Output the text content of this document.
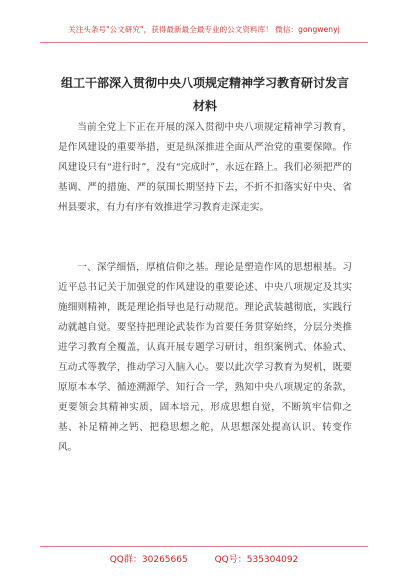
关注头条号"公文研究"，获得最新最全最专业的公文资料库！ 微信：gongwenyj
组工干部深入贯彻中央八项规定精神学习教育研讨发言材料

当前全党上下正在开展的深入贯彻中央八项规定精神学习教育，是作风建设的重要举措，更是纵深推进全面从严治党的重要保障。作风建设只有“进行时”，没有“完成时”，永远在路上。我们必须把严的基调、严的措施、严的氛围长期坚持下去，不折不扣落实好中央、省州县要求，有力有序有效推进学习教育走深走实。

一、深学细悟，厚植信仰之基。理论是塑造作风的思想根基。习近平总书记关于加强党的作风建设的重要论述、中央八项规定及其实施细则精神，既是理论指导也是行动规范。理论武装越彻底，实践行动就越自觉。要坚持把理论武装作为首要任务贯穿始终，分层分类推进学习教育全覆盖，认真开展专题学习研讨，组织案例式、体验式、互动式等教学，推动学习入脑入心。要以此次学习教育为契机，既要原原本本学、循迹溯源学、知行合一学，熟知中央八项规定的条款，更要领会其精神实质，固本培元，形成思想自觉，不断筑牢信仰之基、补足精神之钙、把稳思想之舵，从思想深处提高认识、转变作风。

QQ群：30265665	QQ号：535304092
